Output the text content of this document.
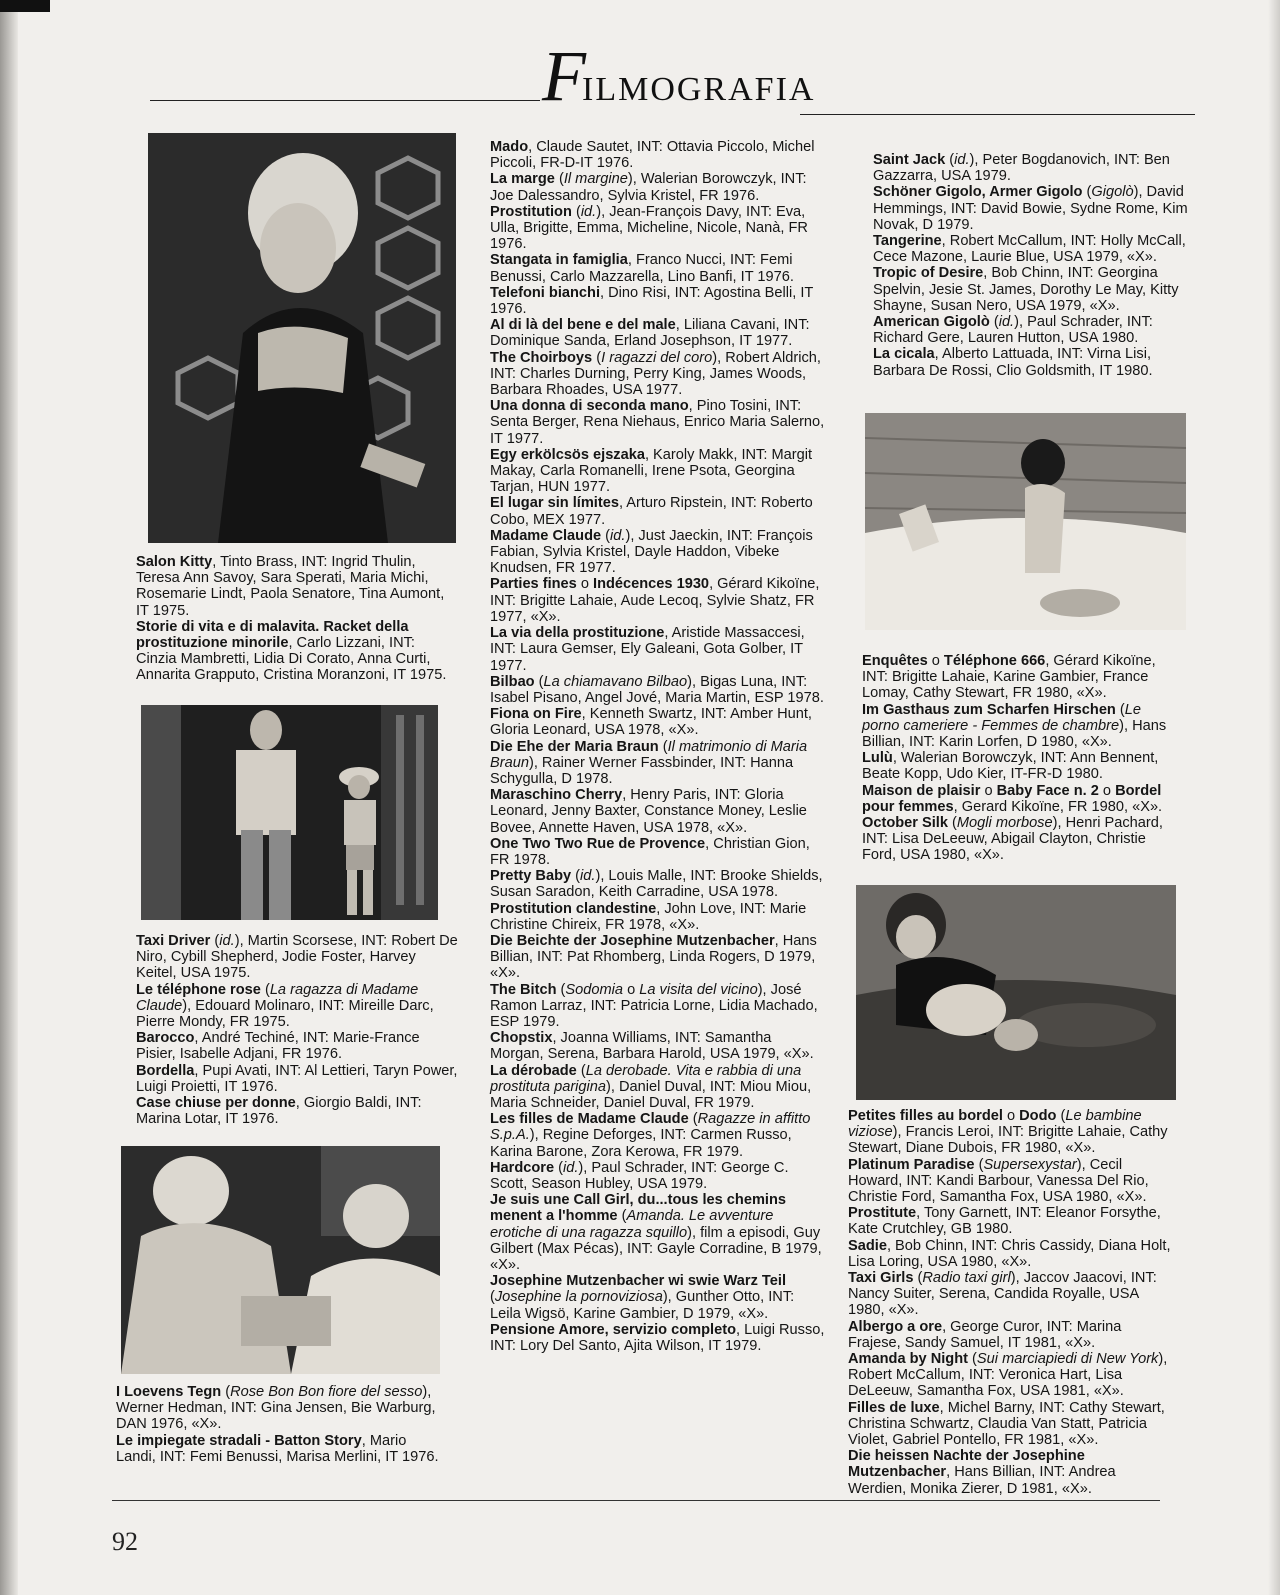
F
ILMOGRAFIA

Salon Kitty, Tinto Brass, INT: Ingrid Thulin, Teresa Ann Savoy, Sara Sperati, Maria Michi, Rosemarie Lindt, Paola Senatore, Tina Aumont, IT 1975.

Storie di vita e di malavita. Racket della prostituzione minorile, Carlo Lizzani, INT: Cinzia Mambretti, Lidia Di Corato, Anna Curti, Annarita Grapputo, Cristina Moranzoni, IT 1975.

Taxi Driver (id.), Martin Scorsese, INT: Robert De Niro, Cybill Shepherd, Jodie Foster, Harvey Keitel, USA 1975.

Le téléphone rose (La ragazza di Madame Claude), Edouard Molinaro, INT: Mireille Darc, Pierre Mondy, FR 1975.

Barocco, André Techiné, INT: Marie-France Pisier, Isabelle Adjani, FR 1976.

Bordella, Pupi Avati, INT: Al Lettieri, Taryn Power, Luigi Proietti, IT 1976.

Case chiuse per donne, Giorgio Baldi, INT: Marina Lotar, IT 1976.

I Loevens Tegn (Rose Bon Bon fiore del sesso), Werner Hedman, INT: Gina Jensen, Bie Warburg, DAN 1976, «X».

Le impiegate stradali - Batton Story, Mario Landi, INT: Femi Benussi, Marisa Merlini, IT 1976.

Mado, Claude Sautet, INT: Ottavia Piccolo, Michel Piccoli, FR-D-IT 1976.

La marge (Il margine), Walerian Borowczyk, INT: Joe Dalessandro, Sylvia Kristel, FR 1976.

Prostitution (id.), Jean-François Davy, INT: Eva, Ulla, Brigitte, Emma, Micheline, Nicole, Nanà, FR 1976.

Stangata in famiglia, Franco Nucci, INT: Femi Benussi, Carlo Mazzarella, Lino Banfi, IT 1976.

Telefoni bianchi, Dino Risi, INT: Agostina Belli, IT 1976.

Al di là del bene e del male, Liliana Cavani, INT: Dominique Sanda, Erland Josephson, IT 1977.

The Choirboys (I ragazzi del coro), Robert Aldrich, INT: Charles Durning, Perry King, James Woods, Barbara Rhoades, USA 1977.

Una donna di seconda mano, Pino Tosini, INT: Senta Berger, Rena Niehaus, Enrico Maria Salerno, IT 1977.

Egy erkölcsös ejszaka, Karoly Makk, INT: Margit Makay, Carla Romanelli, Irene Psota, Georgina Tarjan, HUN 1977.

El lugar sin límites, Arturo Ripstein, INT: Roberto Cobo, MEX 1977.

Madame Claude (id.), Just Jaeckin, INT: François Fabian, Sylvia Kristel, Dayle Haddon, Vibeke Knudsen, FR 1977.

Parties fines o Indécences 1930, Gérard Kikoïne, INT: Brigitte Lahaie, Aude Lecoq, Sylvie Shatz, FR 1977, «X».

La via della prostituzione, Aristide Massaccesi, INT: Laura Gemser, Ely Galeani, Gota Golber, IT 1977.

Bilbao (La chiamavano Bilbao), Bigas Luna, INT: Isabel Pisano, Angel Jové, Maria Martin, ESP 1978.

Fiona on Fire, Kenneth Swartz, INT: Amber Hunt, Gloria Leonard, USA 1978, «X».

Die Ehe der Maria Braun (Il matrimonio di Maria Braun), Rainer Werner Fassbinder, INT: Hanna Schygulla, D 1978.

Maraschino Cherry, Henry Paris, INT: Gloria Leonard, Jenny Baxter, Constance Money, Leslie Bovee, Annette Haven, USA 1978, «X».

One Two Two Rue de Provence, Christian Gion, FR 1978.

Pretty Baby (id.), Louis Malle, INT: Brooke Shields, Susan Saradon, Keith Carradine, USA 1978.

Prostitution clandestine, John Love, INT: Marie Christine Chireix, FR 1978, «X».

Die Beichte der Josephine Mutzenbacher, Hans Billian, INT: Pat Rhomberg, Linda Rogers, D 1979, «X».

The Bitch (Sodomia o La visita del vicino), José Ramon Larraz, INT: Patricia Lorne, Lidia Machado, ESP 1979.

Chopstix, Joanna Williams, INT: Samantha Morgan, Serena, Barbara Harold, USA 1979, «X».

La dérobade (La derobade. Vita e rabbia di una prostituta parigina), Daniel Duval, INT: Miou Miou, Maria Schneider, Daniel Duval, FR 1979.

Les filles de Madame Claude (Ragazze in affitto S.p.A.), Regine Deforges, INT: Carmen Russo, Karina Barone, Zora Kerowa, FR 1979.

Hardcore (id.), Paul Schrader, INT: George C. Scott, Season Hubley, USA 1979.

Je suis une Call Girl, du...tous les chemins menent a l'homme (Amanda. Le avventure erotiche di una ragazza squillo), film a episodi, Guy Gilbert (Max Pécas), INT: Gayle Corradine, B 1979, «X».

Josephine Mutzenbacher wi swie Warz Teil (Josephine la pornoviziosa), Gunther Otto, INT: Leila Wigsö, Karine Gambier, D 1979, «X».

Pensione Amore, servizio completo, Luigi Russo, INT: Lory Del Santo, Ajita Wilson, IT 1979.

Saint Jack (id.), Peter Bogdanovich, INT: Ben Gazzarra, USA 1979.

Schöner Gigolo, Armer Gigolo (Gigolò), David Hemmings, INT: David Bowie, Sydne Rome, Kim Novak, D 1979.

Tangerine, Robert McCallum, INT: Holly McCall, Cece Mazone, Laurie Blue, USA 1979, «X».

Tropic of Desire, Bob Chinn, INT: Georgina Spelvin, Jesie St. James, Dorothy Le May, Kitty Shayne, Susan Nero, USA 1979, «X».

American Gigolò (id.), Paul Schrader, INT: Richard Gere, Lauren Hutton, USA 1980.

La cicala, Alberto Lattuada, INT: Virna Lisi, Barbara De Rossi, Clio Goldsmith, IT 1980.

Enquêtes o Téléphone 666, Gérard Kikoïne, INT: Brigitte Lahaie, Karine Gambier, France Lomay, Cathy Stewart, FR 1980, «X».

Im Gasthaus zum Scharfen Hirschen (Le porno cameriere - Femmes de chambre), Hans Billian, INT: Karin Lorfen, D 1980, «X».

Lulù, Walerian Borowczyk, INT: Ann Bennent, Beate Kopp, Udo Kier, IT-FR-D 1980.

Maison de plaisir o Baby Face n. 2 o Bordel pour femmes, Gerard Kikoïne, FR 1980, «X».

October Silk (Mogli morbose), Henri Pachard, INT: Lisa DeLeeuw, Abigail Clayton, Christie Ford, USA 1980, «X».

Petites filles au bordel o Dodo (Le bambine viziose), Francis Leroi, INT: Brigitte Lahaie, Cathy Stewart, Diane Dubois, FR 1980, «X».

Platinum Paradise (Supersexystar), Cecil Howard, INT: Kandi Barbour, Vanessa Del Rio, Christie Ford, Samantha Fox, USA 1980, «X».

Prostitute, Tony Garnett, INT: Eleanor Forsythe, Kate Crutchley, GB 1980.

Sadie, Bob Chinn, INT: Chris Cassidy, Diana Holt, Lisa Loring, USA 1980, «X».

Taxi Girls (Radio taxi girl), Jaccov Jaacovi, INT: Nancy Suiter, Serena, Candida Royalle, USA 1980, «X».

Albergo a ore, George Curor, INT: Marina Frajese, Sandy Samuel, IT 1981, «X».

Amanda by Night (Sui marciapiedi di New York), Robert McCallum, INT: Veronica Hart, Lisa DeLeeuw, Samantha Fox, USA 1981, «X».

Filles de luxe, Michel Barny, INT: Cathy Stewart, Christina Schwartz, Claudia Van Statt, Patricia Violet, Gabriel Pontello, FR 1981, «X».

Die heissen Nachte der Josephine Mutzenbacher, Hans Billian, INT: Andrea Werdien, Monika Zierer, D 1981, «X».

92
